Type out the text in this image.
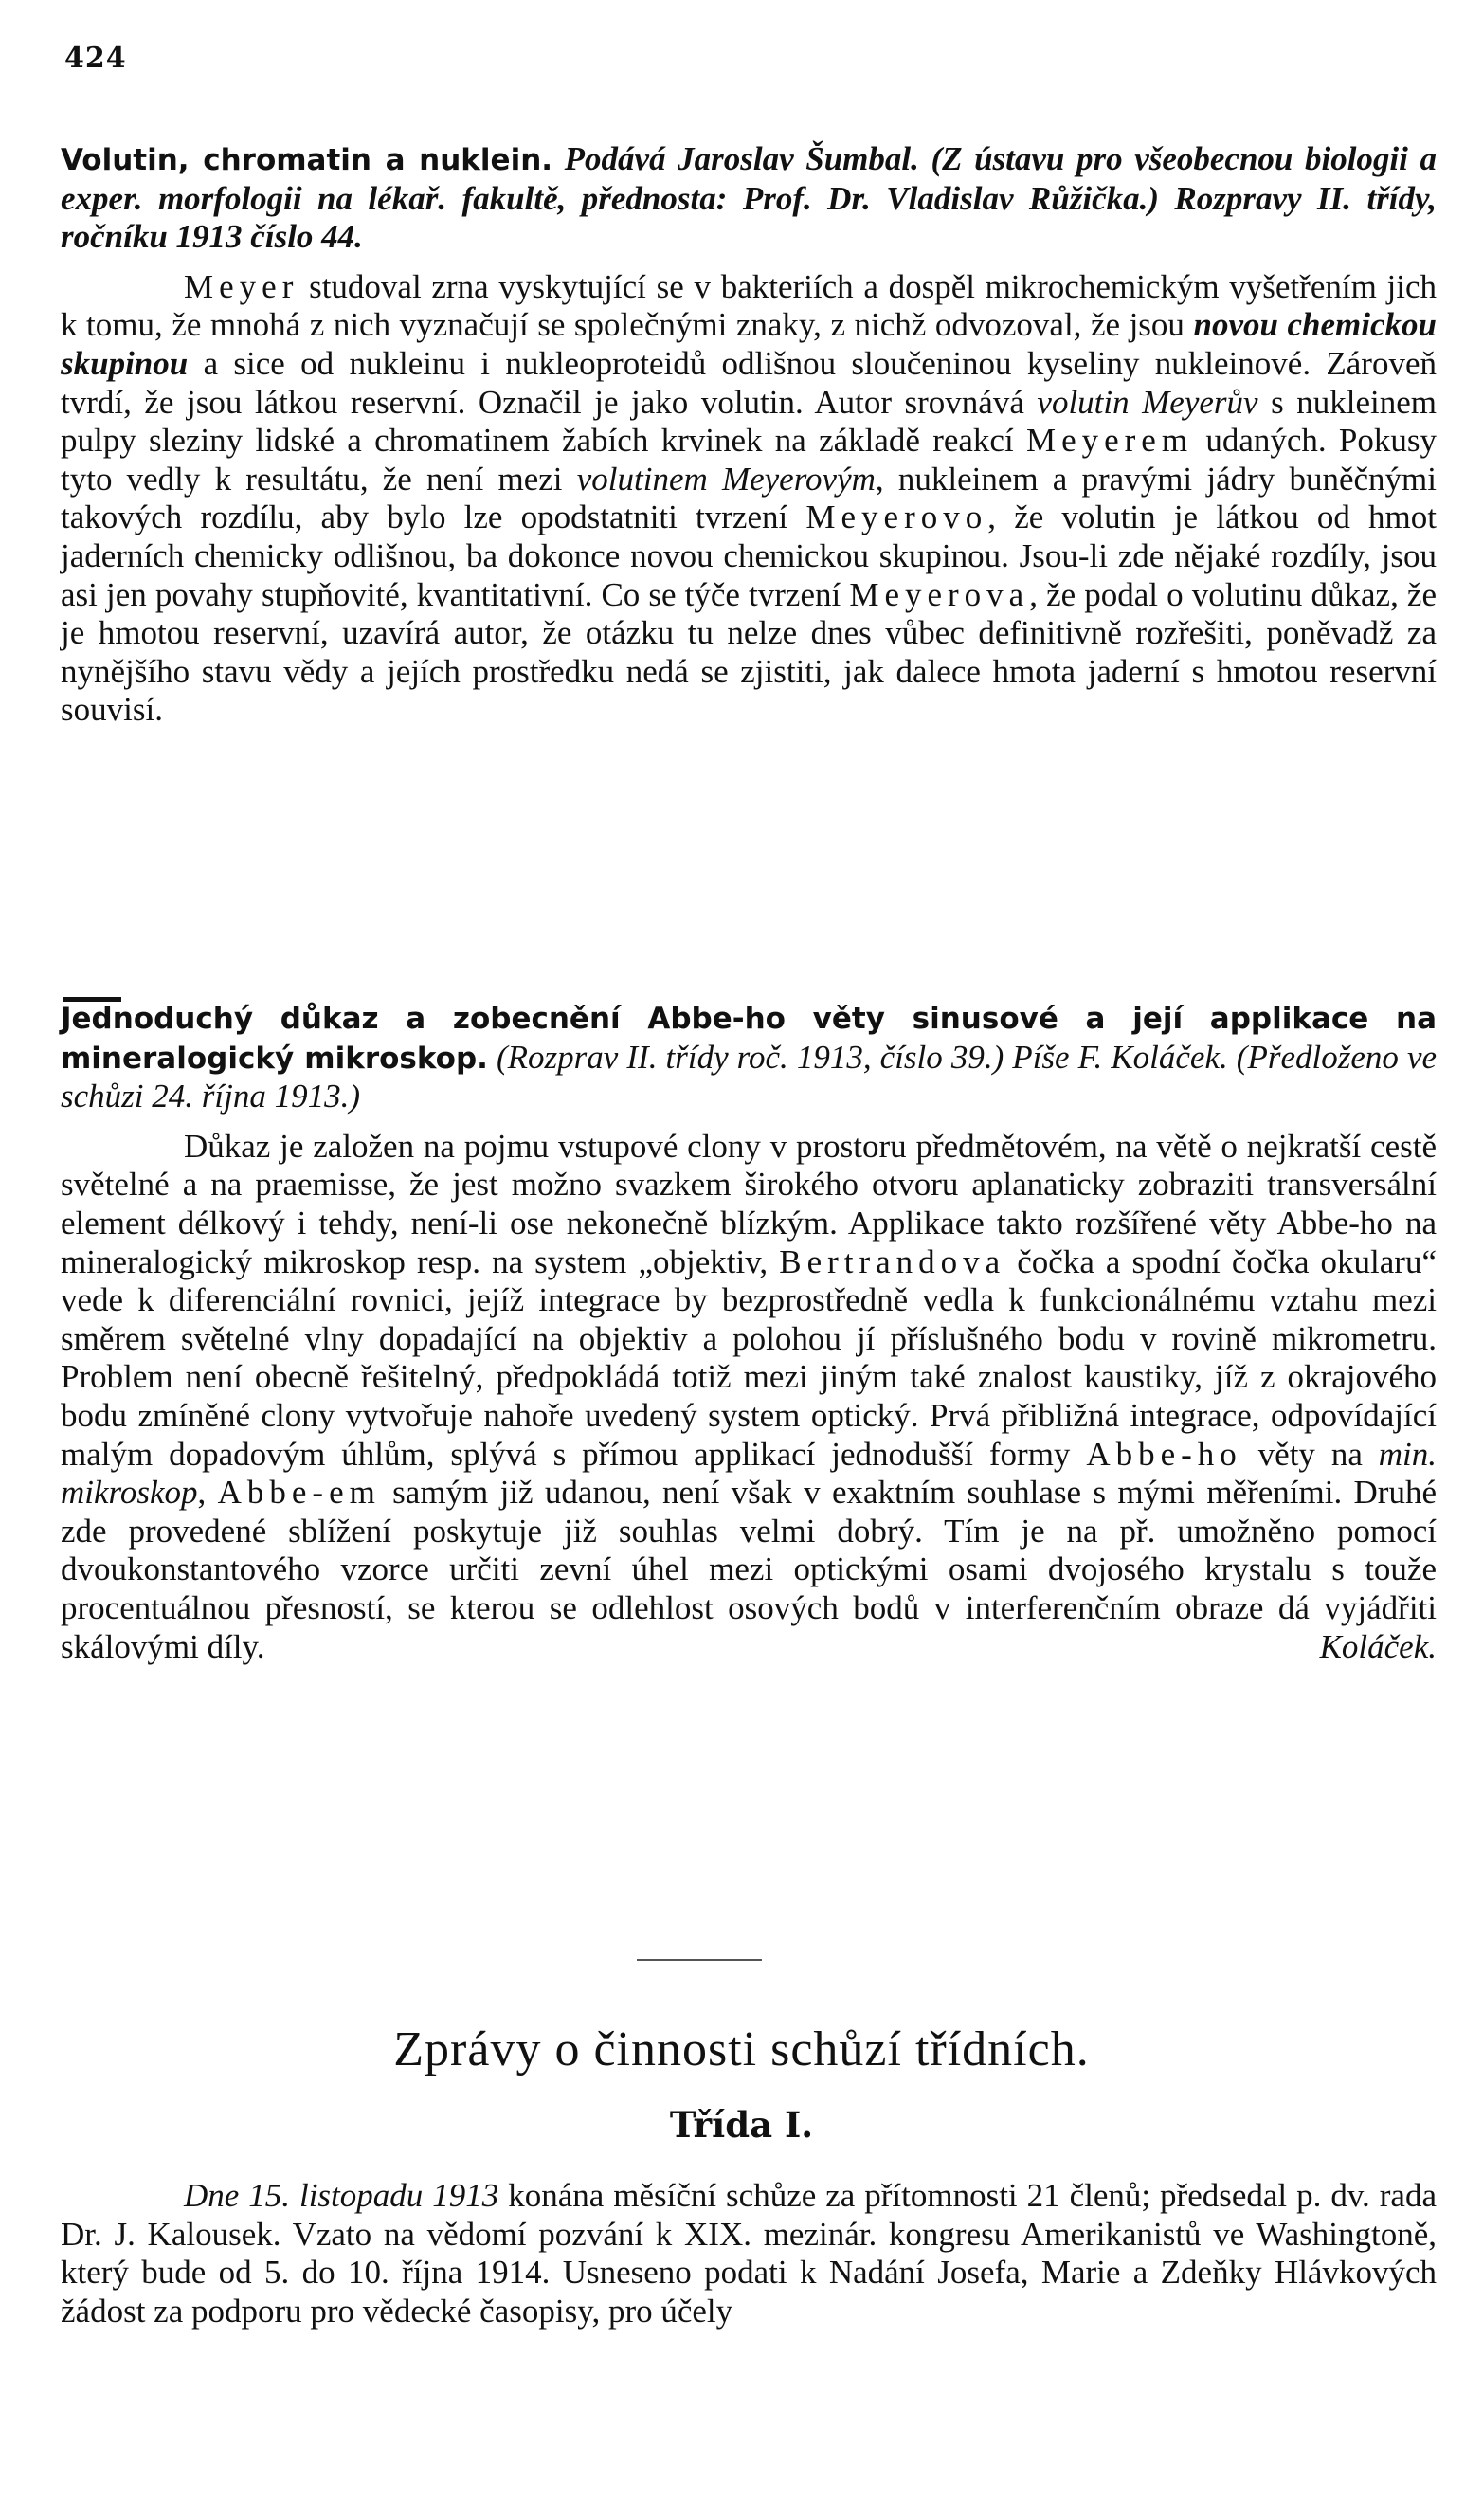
424
Volutin, chromatin a nuklein. Podává Jaroslav Šumbal. (Z ústavu pro všeobecnou biologii a exper. morfologii na lékař. fakultě, přednosta: Prof. Dr. Vladislav Růžička.) Rozpravy II. třídy, ročníku 1913 číslo 44.
Meyer studoval zrna vyskytující se v bakteriích a dospěl mikrochemickým vyšetřením jich k tomu, že mnohá z nich vyznačují se společnými znaky, z nichž odvozoval, že jsou novou chemickou skupinou a sice od nukleinu i nukleoproteidů odlišnou sloučeninou kyseliny nukleinové. Zároveň tvrdí, že jsou látkou reservní. Označil je jako volutin. Autor srovnává volutin Meyerův s nukleinem pulpy sleziny lidské a chromatinem žabích krvinek na základě reakcí Meyerem udaných. Pokusy tyto vedly k resultátu, že není mezi volutinem Meyerovým, nukleinem a pravými jádry buněčnými takových rozdílu, aby bylo lze opodstatniti tvrzení Meyerovo, že volutin je látkou od hmot jaderních chemicky odlišnou, ba dokonce novou chemickou skupinou. Jsou-li zde nějaké rozdíly, jsou asi jen povahy stupňovité, kvantitativní. Co se týče tvrzení Meyerova, že podal o volutinu důkaz, že je hmotou reservní, uzavírá autor, že otázku tu nelze dnes vůbec definitivně rozřešiti, poněvadž za nynějšího stavu vědy a jejích prostředku nedá se zjistiti, jak dalece hmota jaderní s hmotou reservní souvisí.
Jednoduchý důkaz a zobecnění Abbe-ho věty sinusové a její applikace na mineralogický mikroskop. (Rozprav II. třídy roč. 1913, číslo 39.) Píše F. Koláček. (Předloženo ve schůzi 24. října 1913.)
Důkaz je založen na pojmu vstupové clony v prostoru předmětovém, na větě o nejkratší cestě světelné a na praemisse, že jest možno svazkem širokého otvoru aplanaticky zobraziti transversální element délkový i tehdy, není-li ose nekonečně blízkým. Applikace takto rozšířené věty Abbe-ho na mineralogický mikroskop resp. na system „objektiv, Bertrandova čočka a spodní čočka okularu“ vede k diferenciální rovnici, jejíž integrace by bezprostředně vedla k funkcionálnému vztahu mezi směrem světelné vlny dopadající na objektiv a polohou jí příslušného bodu v rovině mikrometru. Problem není obecně řešitelný, předpokládá totiž mezi jiným také znalost kaustiky, jíž z okrajového bodu zmíněné clony vytvořuje nahoře uvedený system optický. Prvá přibližná integrace, odpovídající malým dopadovým úhlům, splývá s přímou applikací jednodušší formy Abbe-ho věty na min. mikroskop, Abbe-em samým již udanou, není však v exaktním souhlase s mými měřeními. Druhé zde provedené sblížení poskytuje již souhlas velmi dobrý. Tím je na př. umožněno pomocí dvoukonstantového vzorce určiti zevní úhel mezi optickými osami dvojosého krystalu s touže procentuálnou přesností, se kterou se odlehlost osových bodů v interferenčním obraze dá vyjádřiti skálovými díly.	Koláček.
Zprávy o činnosti schůzí třídních.
Třída I.
Dne 15. listopadu 1913 konána měsíční schůze za přítomnosti 21 členů; předsedal p. dv. rada Dr. J. Kalousek. Vzato na vědomí pozvání k XIX. mezinár. kongresu Amerikanistů ve Washingtoně, který bude od 5. do 10. října 1914. Usneseno podati k Nadání Josefa, Marie a Zdeňky Hlávkových žádost za podporu pro vědecké časopisy, pro účely
